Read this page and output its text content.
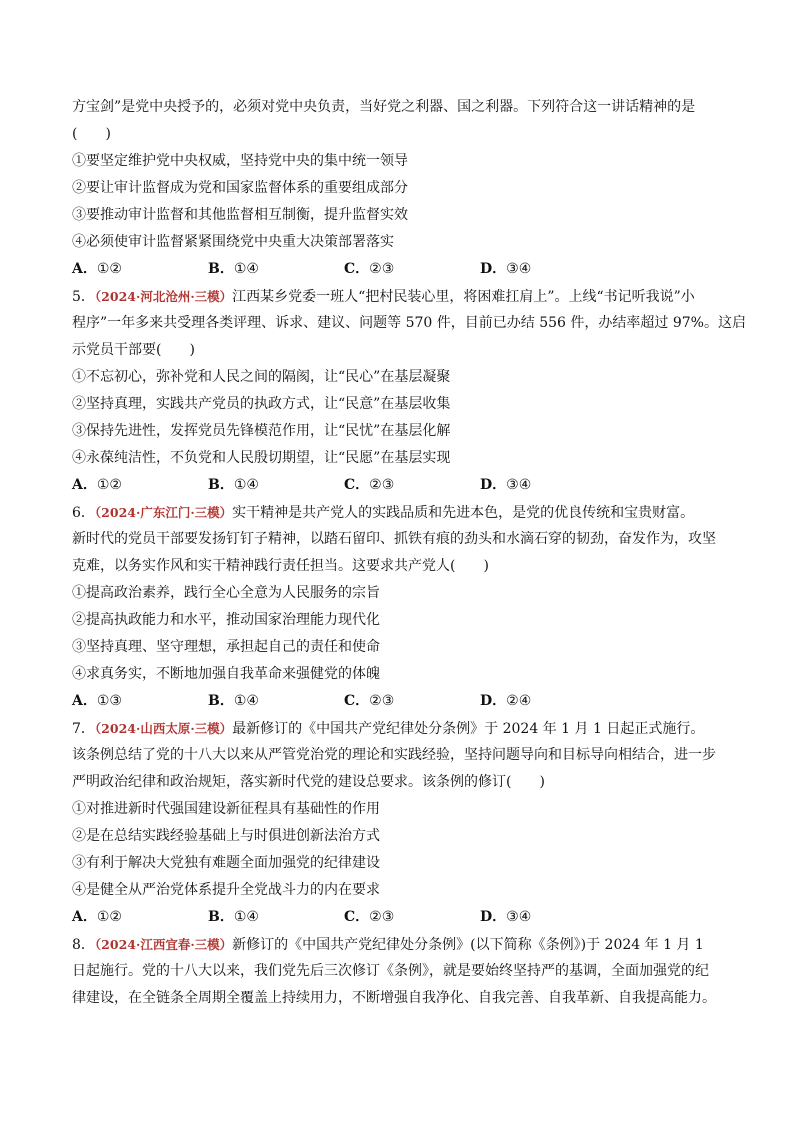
方宝剑”是党中央授予的，必须对党中央负责，当好党之利器、国之利器。下列符合这一讲话精神的是
(　　)
①要坚定维护党中央权威，坚持党中央的集中统一领导
②要让审计监督成为党和国家监督体系的重要组成部分
③要推动审计监督和其他监督相互制衡，提升监督实效
④必须使审计监督紧紧围绕党中央重大决策部署落实
A．①②	B．①④	C．②③	D．③④
5．（2024·河北沧州·三模）江西某乡党委一班人“把村民装心里，将困难扛肩上”。上线“书记听我说”小
程序”一年多来共受理各类评理、诉求、建议、问题等 570 件，目前已办结 556 件，办结率超过 97%。这启
示党员干部要(　　)
①不忘初心，弥补党和人民之间的隔阂，让“民心”在基层凝聚
②坚持真理，实践共产党员的执政方式，让“民意”在基层收集
③保持先进性，发挥党员先锋模范作用，让“民忧”在基层化解
④永葆纯洁性，不负党和人民殷切期望，让“民愿”在基层实现
A．①②	B．①④	C．②③	D．③④
6．（2024·广东江门·三模）实干精神是共产党人的实践品质和先进本色，是党的优良传统和宝贵财富。
新时代的党员干部要发扬钉钉子精神，以踏石留印、抓铁有痕的劲头和水滴石穿的韧劲，奋发作为，攻坚
克难，以务实作风和实干精神践行责任担当。这要求共产党人(　　)
①提高政治素养，践行全心全意为人民服务的宗旨
②提高执政能力和水平，推动国家治理能力现代化
③坚持真理、坚守理想，承担起自己的责任和使命
④求真务实，不断地加强自我革命来强健党的体魄
A．①③	B．①④	C．②③	D．②④
7．（2024·山西太原·三模）最新修订的《中国共产党纪律处分条例》于 2024 年 1 月 1 日起正式施行。
该条例总结了党的十八大以来从严管党治党的理论和实践经验，坚持问题导向和目标导向相结合，进一步
严明政治纪律和政治规矩，落实新时代党的建设总要求。该条例的修订(　　)
①对推进新时代强国建设新征程具有基础性的作用
②是在总结实践经验基础上与时俱进创新法治方式
③有利于解决大党独有难题全面加强党的纪律建设
④是健全从严治党体系提升全党战斗力的内在要求
A．①②	B．①④	C．②③	D．③④
8．（2024·江西宜春·三模）新修订的《中国共产党纪律处分条例》(以下简称《条例》)于 2024 年 1 月 1
日起施行。党的十八大以来，我们党先后三次修订《条例》，就是要始终坚持严的基调，全面加强党的纪
律建设，在全链条全周期全覆盖上持续用力，不断增强自我净化、自我完善、自我革新、自我提高能力。
